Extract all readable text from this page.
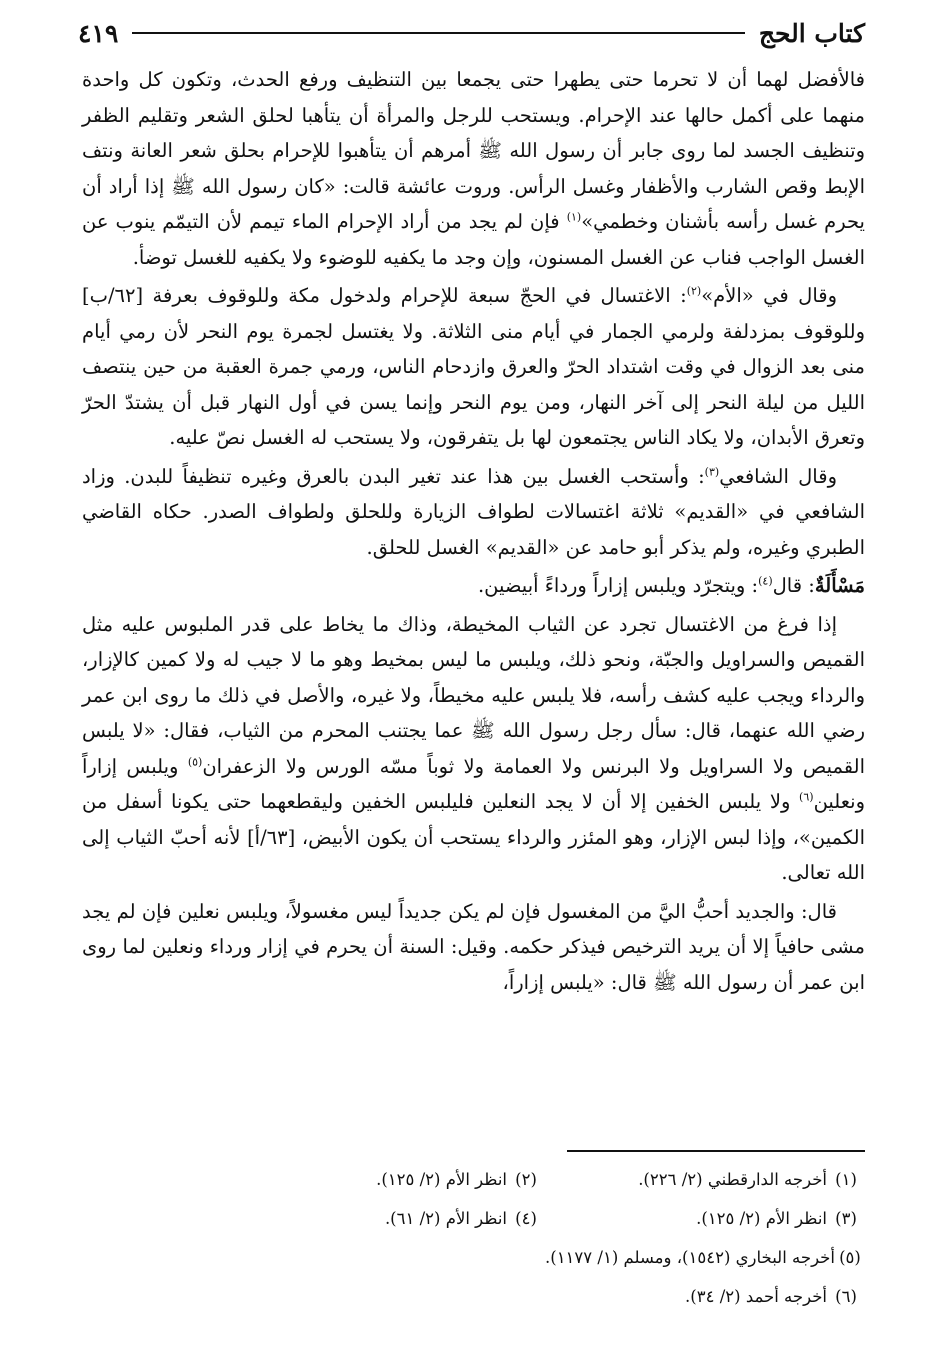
كتاب الحج
٤١٩

فالأفضل لهما أن لا تحرما حتى يطهرا حتى يجمعا بين التنظيف ورفع الحدث، وتكون كل واحدة منهما على أكمل حالها عند الإحرام. ويستحب للرجل والمرأة أن يتأهبا لحلق الشعر وتقليم الظفر وتنظيف الجسد لما روى جابر أن رسول الله ﷺ أمرهم أن يتأهبوا للإحرام بحلق شعر العانة ونتف الإبط وقص الشارب والأظفار وغسل الرأس. وروت عائشة قالت: «كان رسول الله ﷺ إذا أراد أن يحرم غسل رأسه بأشنان وخطمي»$^{(١)}$ فإن لم يجد من أراد الإحرام الماء تيمم لأن التيمّم ينوب عن الغسل الواجب فناب عن الغسل المسنون، وإن وجد ما يكفيه للوضوء ولا يكفيه للغسل توضأ.

وقال في «الأم»$^{(٢)}$: الاغتسال في الحجّ سبعة للإحرام ولدخول مكة وللوقوف بعرفة [٦٢/ب] وللوقوف بمزدلفة ولرمي الجمار في أيام منى الثلاثة. ولا يغتسل لجمرة يوم النحر لأن رمي أيام منى بعد الزوال في وقت اشتداد الحرّ والعرق وازدحام الناس، ورمي جمرة العقبة من حين ينتصف الليل من ليلة النحر إلى آخر النهار، ومن يوم النحر وإنما يسن في أول النهار قبل أن يشتدّ الحرّ وتعرق الأبدان، ولا يكاد الناس يجتمعون لها بل يتفرقون، ولا يستحب له الغسل نصّ عليه.

وقال الشافعي$^{(٣)}$: وأستحب الغسل بين هذا عند تغير البدن بالعرق وغيره تنظيفاً للبدن. وزاد الشافعي في «القديم» ثلاثة اغتسالات لطواف الزيارة وللحلق ولطواف الصدر. حكاه القاضي الطبري وغيره، ولم يذكر أبو حامد عن «القديم» الغسل للحلق.

مَسْأَلَةٌ: قال$^{(٤)}$: ويتجرّد ويلبس إزاراً ورداءً أبيضين.

إذا فرغ من الاغتسال تجرد عن الثياب المخيطة، وذاك ما يخاط على قدر الملبوس عليه مثل القميص والسراويل والجبّة، ونحو ذلك، ويلبس ما ليس بمخيط وهو ما لا جيب له ولا كمين كالإزار، والرداء ويجب عليه كشف رأسه، فلا يلبس عليه مخيطاً، ولا غيره، والأصل في ذلك ما روى ابن عمر رضي الله عنهما، قال: سأل رجل رسول الله ﷺ عما يجتنب المحرم من الثياب، فقال: «لا يلبس القميص ولا السراويل ولا البرنس ولا العمامة ولا ثوباً مسّه الورس ولا الزعفران$^{(٥)}$ ويلبس إزاراً ونعلين$^{(٦)}$ ولا يلبس الخفين إلا أن لا يجد النعلين فليلبس الخفين وليقطعهما حتى يكونا أسفل من الكمين»، وإذا لبس الإزار، وهو المئزر والرداء يستحب أن يكون الأبيض، [٦٣/أ] لأنه أحبّ الثياب إلى الله تعالى.

قال: والجديد أحبُّ اليَّ من المغسول فإن لم يكن جديداً ليس مغسولاً، ويلبس نعلين فإن لم يجد مشى حافياً إلا أن يريد الترخيص فيذكر حكمه. وقيل: السنة أن يحرم في إزار ورداء ونعلين لما روى ابن عمر أن رسول الله ﷺ قال: «يلبس إزاراً،

(١)
أخرجه الدارقطني (٢/ ٢٢٦).
(٢)
انظر الأم (٢/ ١٢٥).
(٣)
انظر الأم (٢/ ١٢٥).
(٤)
انظر الأم (٢/ ٦١).
(٥)
أخرجه البخاري (١٥٤٢)، ومسلم (١/ ١١٧٧).
(٦)
أخرجه أحمد (٢/ ٣٤).
